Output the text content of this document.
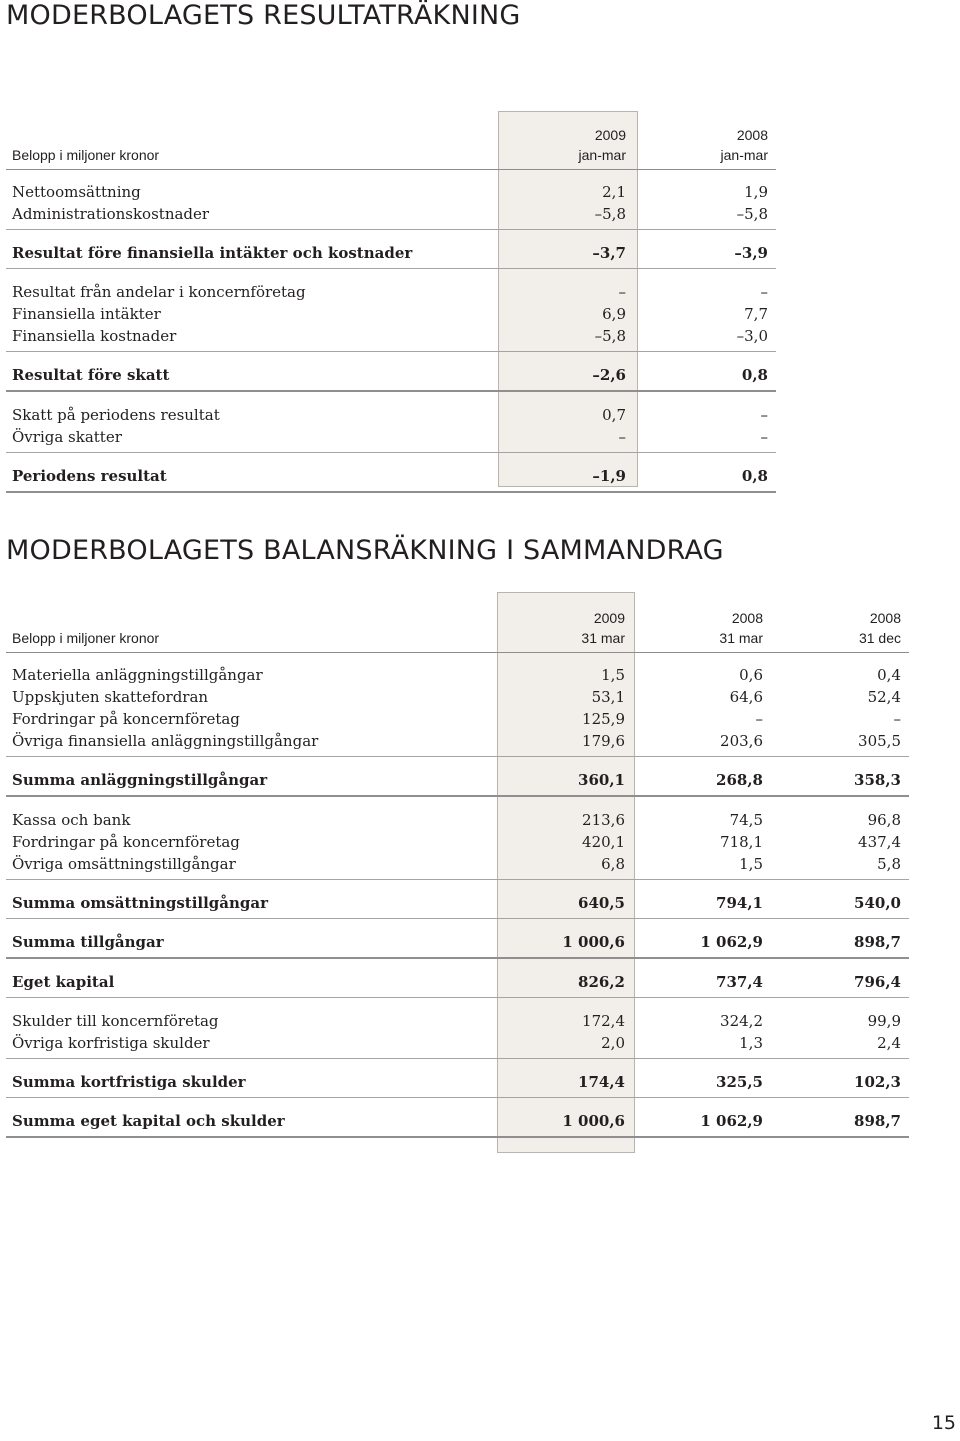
MODERBOLAGETS RESULTATRÄKNING
	2009	2008
Belopp i miljoner kronor	jan-mar	jan-mar
Nettoomsättning	2,1	1,9
Administrationskostnader	–5,8	–5,8
Resultat före finansiella intäkter och kostnader	–3,7	–3,9
Resultat från andelar i koncernföretag	–	–
Finansiella intäkter	6,9	7,7
Finansiella kostnader	–5,8	–3,0
Resultat före skatt	–2,6	0,8
Skatt på periodens resultat	0,7	–
Övriga skatter	–	–
Periodens resultat	–1,9	0,8
MODERBOLAGETS BALANSRÄKNING I SAMMANDRAG
	2009	2008	2008
Belopp i miljoner kronor	31 mar	31 mar	31 dec
Materiella anläggningstillgångar	1,5	0,6	0,4
Uppskjuten skattefordran	53,1	64,6	52,4
Fordringar på koncernföretag	125,9	–	–
Övriga finansiella anläggningstillgångar	179,6	203,6	305,5
Summa anläggningstillgångar	360,1	268,8	358,3
Kassa och bank	213,6	74,5	96,8
Fordringar på koncernföretag	420,1	718,1	437,4
Övriga omsättningstillgångar	6,8	1,5	5,8
Summa omsättningstillgångar	640,5	794,1	540,0
Summa tillgångar	1 000,6	1 062,9	898,7
Eget kapital	826,2	737,4	796,4
Skulder till koncernföretag	172,4	324,2	99,9
Övriga korfristiga skulder	2,0	1,3	2,4
Summa kortfristiga skulder	174,4	325,5	102,3
Summa eget kapital och skulder	1 000,6	1 062,9	898,7

15
